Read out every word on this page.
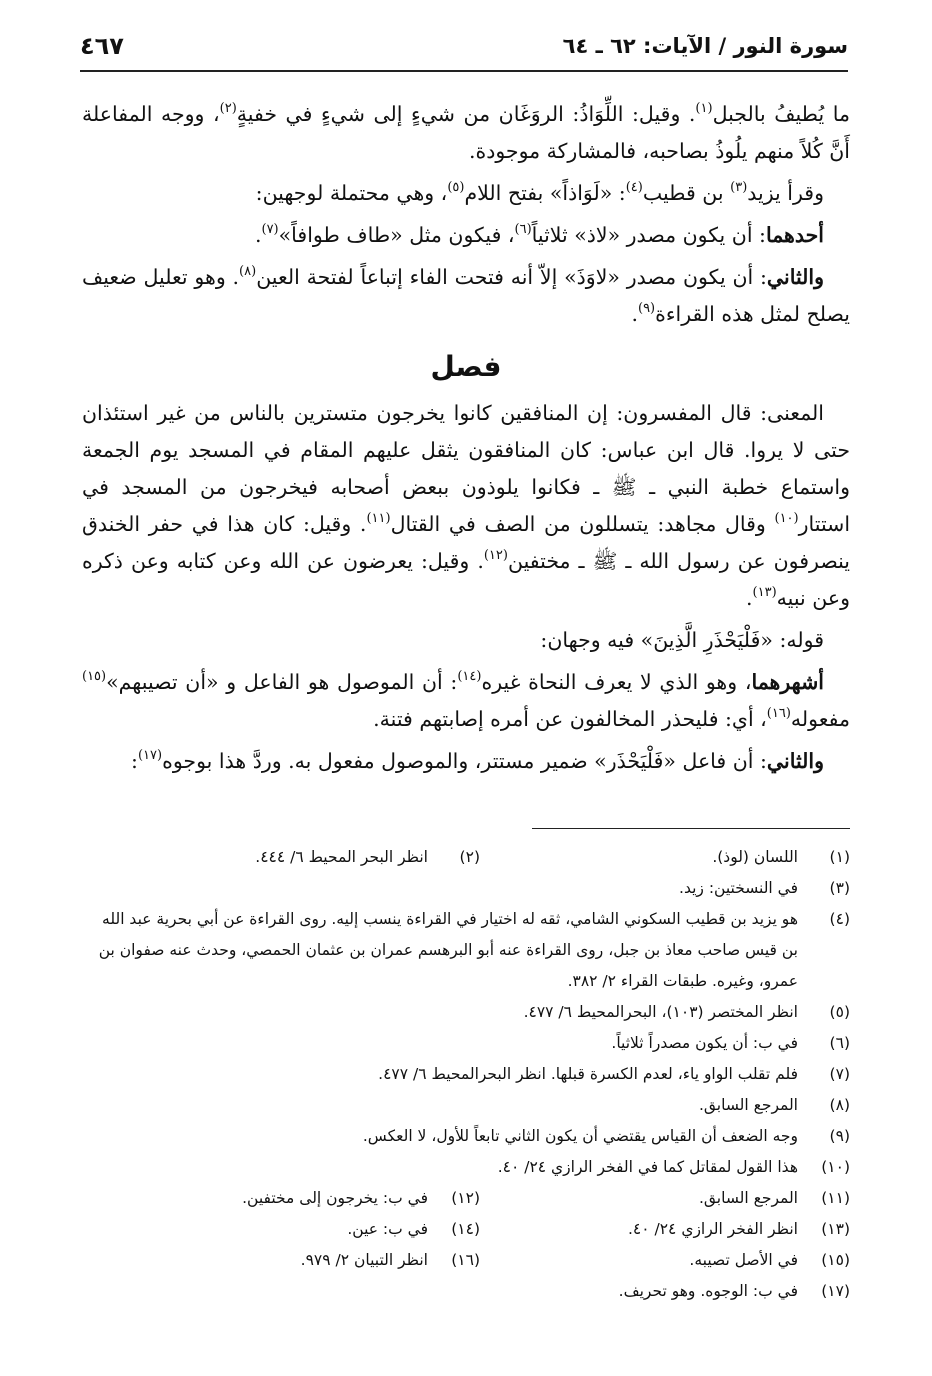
سورة النور / الآيات: ٦٢ ـ ٦٤
٤٦٧

ما يُطيفُ بالجبل$^{(١)}$. وقيل: اللِّوَاذُ: الروَغَان من شيءٍ إلى شيءٍ في خفيةٍ$^{(٢)}$، ووجه المفاعلة أَنَّ كُلاً منهم يلُوذُ بصاحبه، فالمشاركة موجودة.

وقرأ يزيد$^{(٣)}$ بن قطيب$^{(٤)}$: «لَوَاذاً» بفتح اللام$^{(٥)}$، وهي محتملة لوجهين:

أحدهما: أن يكون مصدر «لاذ» ثلاثياً$^{(٦)}$، فيكون مثل «طاف طوافاً»$^{(٧)}$.

والثاني: أن يكون مصدر «لاوَذَ» إلاّ أنه فتحت الفاء إتباعاً لفتحة العين$^{(٨)}$. وهو تعليل ضعيف يصلح لمثل هذه القراءة$^{(٩)}$.

فصل

المعنى: قال المفسرون: إن المنافقين كانوا يخرجون متسترين بالناس من غير استئذان حتى لا يروا. قال ابن عباس: كان المنافقون يثقل عليهم المقام في المسجد يوم الجمعة واستماع خطبة النبي ـ ﷺ ـ فكانوا يلوذون ببعض أصحابه فيخرجون من المسجد في استتار$^{(١٠)}$ وقال مجاهد: يتسللون من الصف في القتال$^{(١١)}$. وقيل: كان هذا في حفر الخندق ينصرفون عن رسول الله ـ ﷺ ـ مختفين$^{(١٢)}$. وقيل: يعرضون عن الله وعن كتابه وعن ذكره وعن نبيه$^{(١٣)}$.

قوله: «فَلْيَحْذَرِ الَّذِينَ» فيه وجهان:

أشهرهما، وهو الذي لا يعرف النحاة غيره$^{(١٤)}$: أن الموصول هو الفاعل و «أن تصيبهم»$^{(١٥)}$ مفعوله$^{(١٦)}$، أي: فليحذر المخالفون عن أمره إصابتهم فتنة.

والثاني: أن فاعل «فَلْيَحْذَر» ضمير مستتر، والموصول مفعول به. وردَّ هذا بوجوه$^{(١٧)}$:

(١)
اللسان (لوذ).
(٢)
انظر البحر المحيط ٦/ ٤٤٤.
(٣)
في النسختين: زيد.
(٤)
هو يزيد بن قطيب السكوني الشامي، ثقه له اختيار في القراءة ينسب إليه. روى القراءة عن أبي بحرية عبد الله بن قيس صاحب معاذ بن جبل، روى القراءة عنه أبو البرهسم عمران بن عثمان الحمصي، وحدث عنه صفوان بن عمرو، وغيره. طبقات القراء ٢/ ٣٨٢.
(٥)
انظر المختصر (١٠٣)، البحرالمحيط ٦/ ٤٧٧.
(٦)
في ب: أن يكون مصدراً ثلاثياً.
(٧)
فلم تقلب الواو ياء، لعدم الكسرة قبلها. انظر البحرالمحيط ٦/ ٤٧٧.
(٨)
المرجع السابق.
(٩)
وجه الضعف أن القياس يقتضي أن يكون الثاني تابعاً للأول، لا العكس.
(١٠)
هذا القول لمقاتل كما في الفخر الرازي ٢٤/ ٤٠.
(١١)
المرجع السابق.
(١٢)
في ب: يخرجون إلى مختفين.
(١٣)
انظر الفخر الرازي ٢٤/ ٤٠.
(١٤)
في ب: عين.
(١٥)
في الأصل تصيبه.
(١٦)
انظر التبيان ٢/ ٩٧٩.
(١٧)
في ب: الوجوه. وهو تحريف.
